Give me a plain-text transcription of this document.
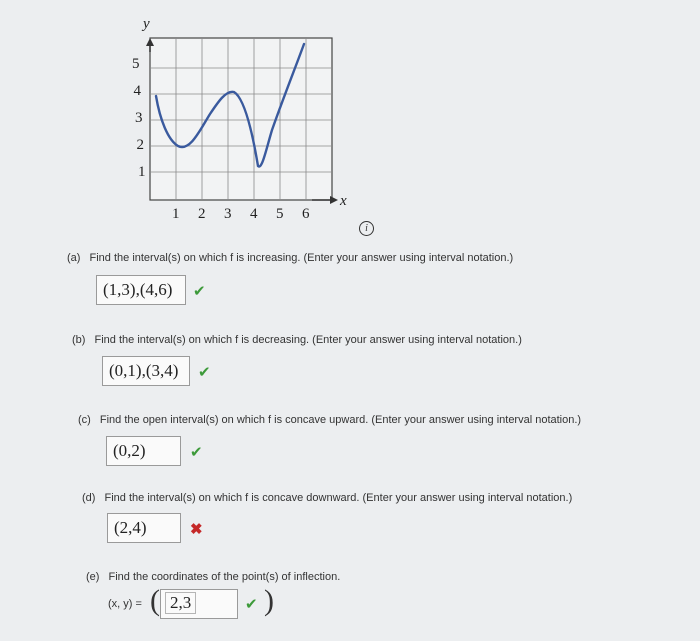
y
x
1 2 3 4 5 6
1
2
3
4
5
i
(a) Find the interval(s) on which f is increasing. (Enter your answer using interval notation.)
(1,3),(4,6)	✔
(b) Find the interval(s) on which f is decreasing. (Enter your answer using interval notation.)
(0,1),(3,4)	✔
(c) Find the open interval(s) on which f is concave upward. (Enter your answer using interval notation.)
(0,2)	✔
(d) Find the interval(s) on which f is concave downward. (Enter your answer using interval notation.)
(2,4)	✖
(e) Find the coordinates of the point(s) of inflection.
(x, y) = ( 2,3	✔ )
